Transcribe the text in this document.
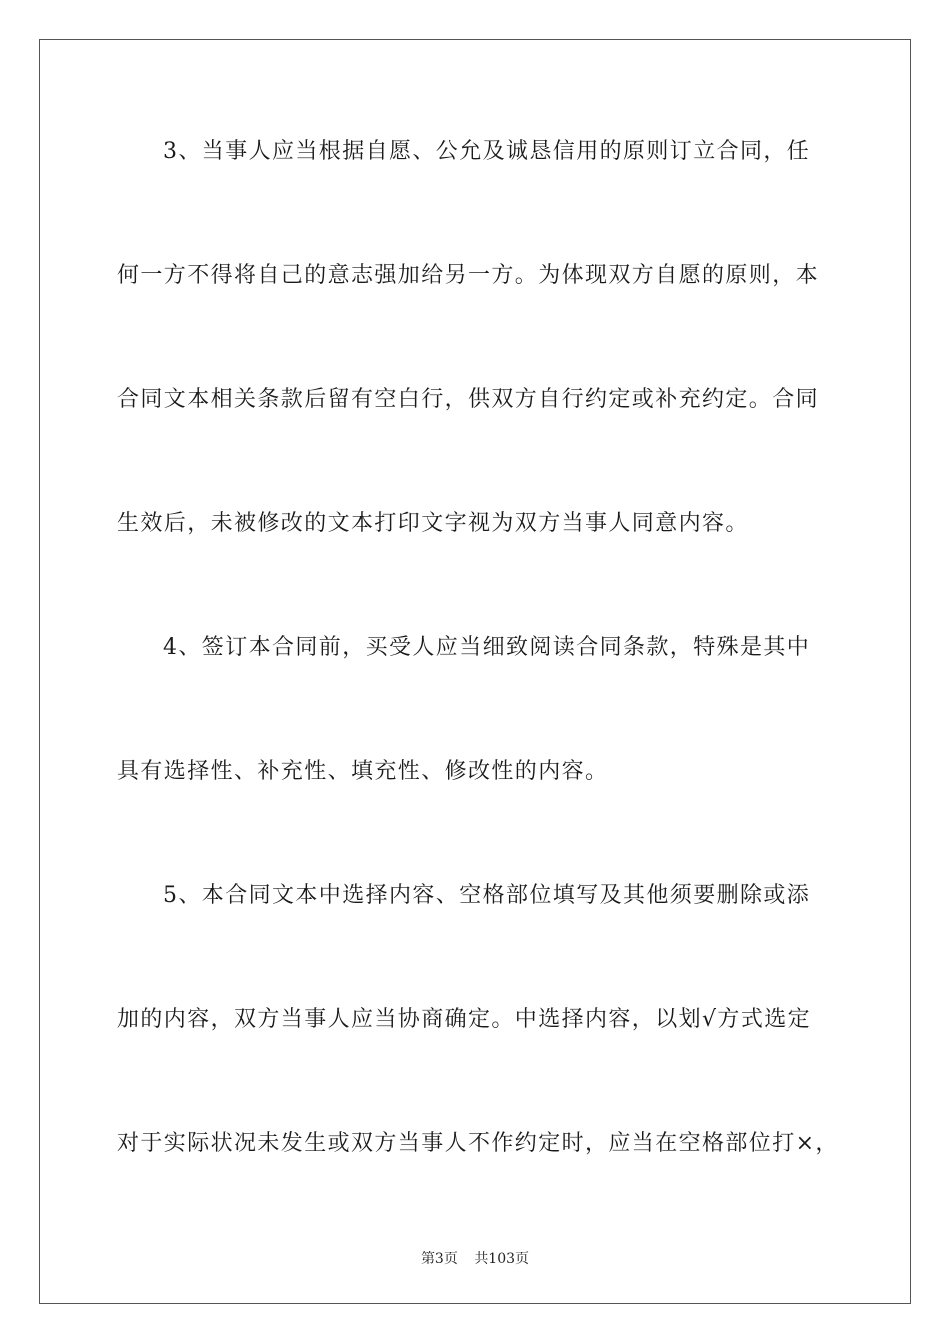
3、当事人应当根据自愿、公允及诚恳信用的原则订立合同，任
何一方不得将自己的意志强加给另一方。为体现双方自愿的原则，本
合同文本相关条款后留有空白行，供双方自行约定或补充约定。合同
生效后，未被修改的文本打印文字视为双方当事人同意内容。
4、签订本合同前，买受人应当细致阅读合同条款，特殊是其中
具有选择性、补充性、填充性、修改性的内容。
5、本合同文本中选择内容、空格部位填写及其他须要删除或添
加的内容，双方当事人应当协商确定。中选择内容，以划√方式选定
对于实际状况未发生或双方当事人不作约定时，应当在空格部位打×，
第3页 共103页
